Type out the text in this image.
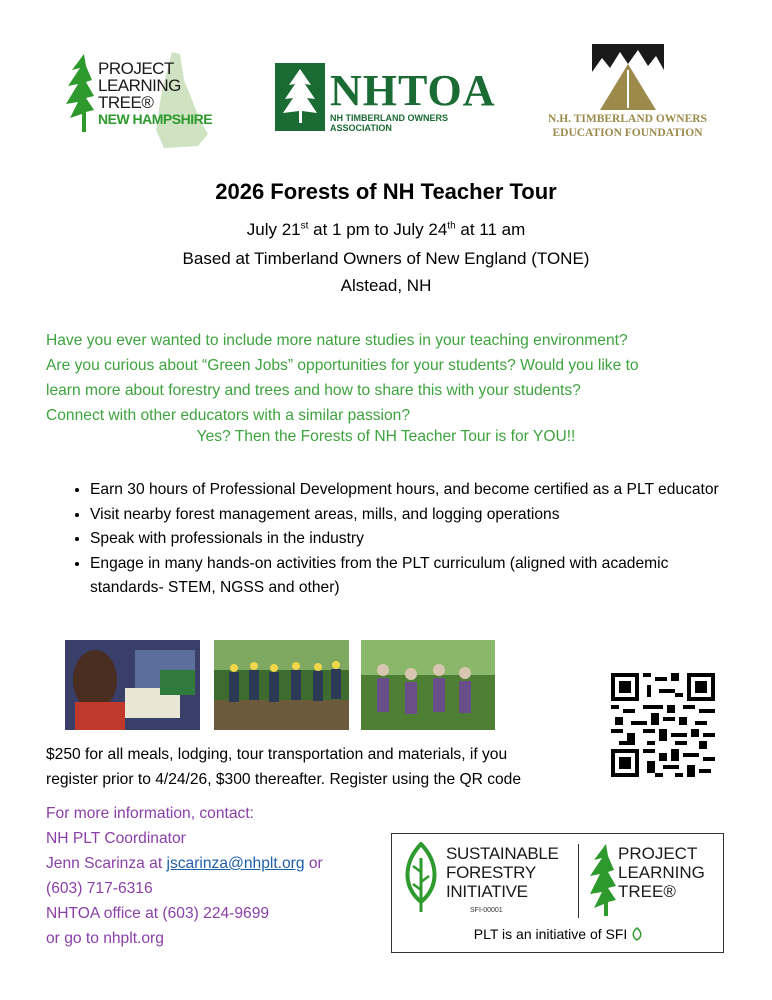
PROJECT
LEARNING
TREE®
NEW HAMPSHIRE
NHTOA
NH TIMBERLAND OWNERS ASSOCIATION
N.H. TIMBERLAND OWNERS
EDUCATION FOUNDATION
2026 Forests of NH Teacher Tour
July 21st at 1 pm to July 24th at 11 am
Based at Timberland Owners of New England (TONE)
Alstead, NH
Have you ever wanted to include more nature studies in your teaching environment?
Are you curious about “Green Jobs” opportunities for your students? Would you like to
learn more about forestry and trees and how to share this with your students?
Connect with other educators with a similar passion?
Yes? Then the Forests of NH Teacher Tour is for YOU!!
• Earn 30 hours of Professional Development hours, and become certified as a PLT educator
• Visit nearby forest management areas, mills, and logging operations
• Speak with professionals in the industry
• Engage in many hands-on activities from the PLT curriculum (aligned with academic standards- STEM, NGSS and other)
$250 for all meals, lodging, tour transportation and materials, if you
register prior to 4/24/26, $300 thereafter. Register using the QR code
For more information, contact:
NH PLT Coordinator
Jenn Scarinza at jscarinza@nhplt.org or
(603) 717-6316
NHTOA office at (603) 224-9699
or go to nhplt.org
SUSTAINABLE
FORESTRY
INITIATIVE
SFI-00001
PROJECT
LEARNING
TREE®
PLT is an initiative of SFI
